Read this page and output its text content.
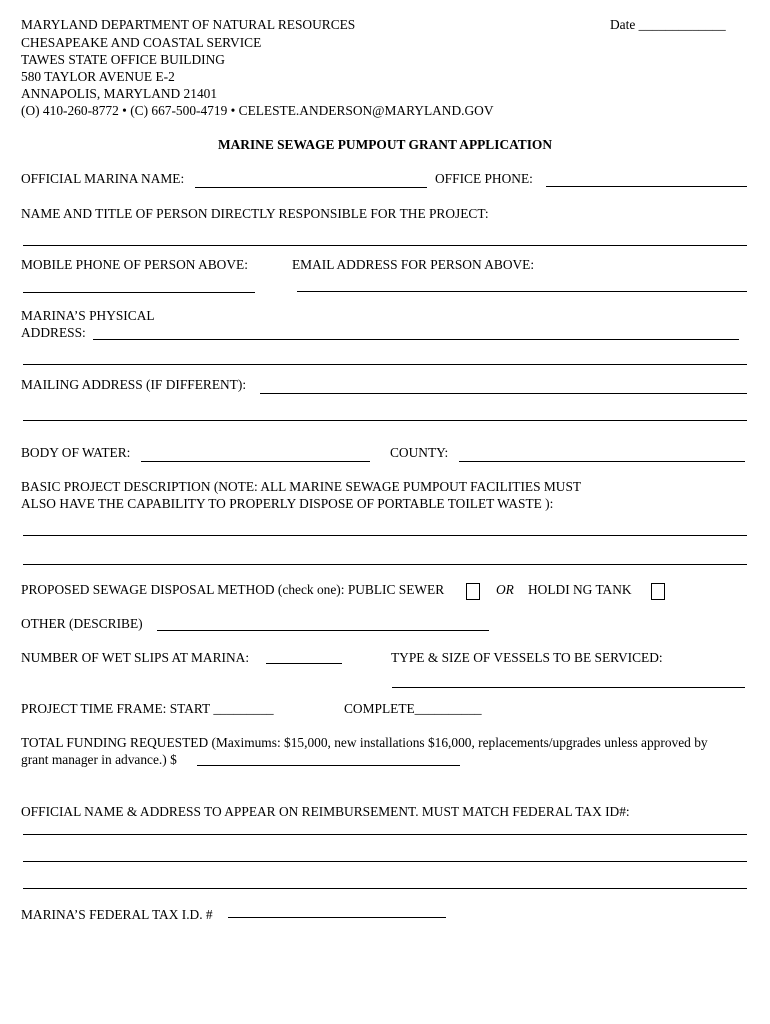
MARYLAND DEPARTMENT OF NATURAL RESOURCES
CHESAPEAKE AND COASTAL SERVICE
TAWES STATE OFFICE BUILDING
580 TAYLOR AVENUE E-2
ANNAPOLIS, MARYLAND 21401
(O) 410-260-8772 • (C) 667-500-4719 • CELESTE.ANDERSON@MARYLAND.GOV
Date _____________
MARINE SEWAGE PUMPOUT GRANT APPLICATION
OFFICIAL MARINA NAME:	OFFICE PHONE:
NAME AND TITLE OF PERSON DIRECTLY RESPONSIBLE FOR THE PROJECT:
MOBILE PHONE OF PERSON ABOVE:	EMAIL ADDRESS FOR PERSON ABOVE:
MARINA’S PHYSICAL
ADDRESS:
MAILING ADDRESS (IF DIFFERENT):
BODY OF WATER:	COUNTY:
BASIC PROJECT DESCRIPTION (NOTE: ALL MARINE SEWAGE PUMPOUT FACILITIES MUST
ALSO HAVE THE CAPABILITY TO PROPERLY DISPOSE OF PORTABLE TOILET WASTE ):
PROPOSED SEWAGE DISPOSAL METHOD (check one): PUBLIC SEWER	OR HOLDI NG TANK
OTHER (DESCRIBE)
NUMBER OF WET SLIPS AT MARINA:	TYPE & SIZE OF VESSELS TO BE SERVICED:
PROJECT TIME FRAME: START _________	COMPLETE__________
TOTAL FUNDING REQUESTED (Maximums: $15,000, new installations $16,000, replacements/upgrades unless approved by
grant manager in advance.) $
OFFICIAL NAME & ADDRESS TO APPEAR ON REIMBURSEMENT. MUST MATCH FEDERAL TAX ID#:
MARINA’S FEDERAL TAX I.D. #
